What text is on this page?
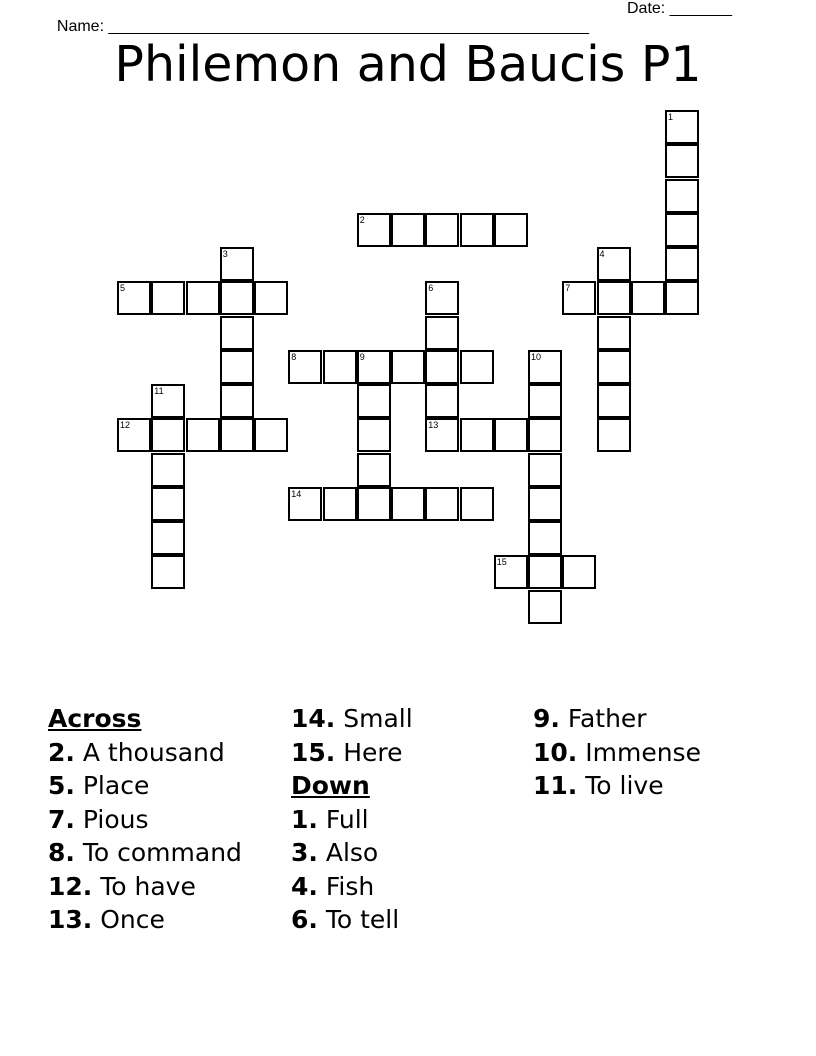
Name: ______________________________________________________

Date: _______

Philemon and Baucis P1
2
5	7
8	9
12	13
14
15
1
3	4
6
10
11
Across
2. A thousand
5. Place
7. Pious
8. To command
12. To have
13. Once
14. Small
15. Here
Down
1. Full
3. Also
4. Fish
6. To tell
9. Father
10. Immense
11. To live
